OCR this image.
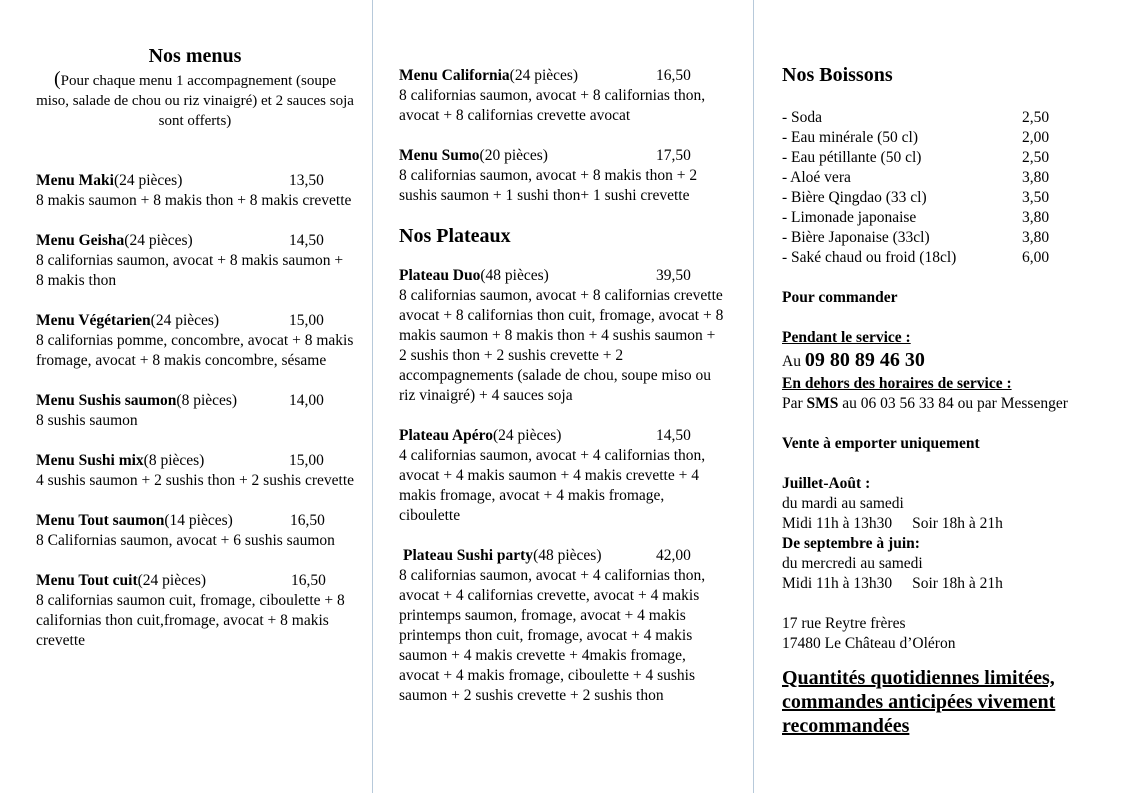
Nos menus
(Pour chaque menu 1 accompagnement (soupe miso, salade de chou ou riz vinaigré) et 2 sauces soja sont offerts)
Menu Maki (24 pièces)	13,50
8 makis saumon + 8 makis thon + 8 makis crevette
Menu Geisha (24 pièces)	14,50
8 californias saumon, avocat + 8 makis saumon + 8 makis thon
Menu Végétarien (24 pièces)	15,00
8 californias pomme, concombre, avocat + 8 makis fromage, avocat + 8 makis concombre, sésame
Menu Sushis saumon (8 pièces)	14,00
8 sushis saumon
Menu Sushi mix (8 pièces)	15,00
4 sushis saumon + 2 sushis thon + 2 sushis crevette
Menu Tout saumon (14 pièces)	16,50
8 Californias saumon, avocat + 6 sushis saumon
Menu Tout cuit (24 pièces)	16,50
8 californias saumon cuit, fromage, ciboulette + 8 californias thon cuit,fromage, avocat + 8 makis crevette
Menu California (24 pièces)	16,50
8 californias saumon, avocat + 8 californias thon, avocat + 8 californias crevette avocat
Menu Sumo (20 pièces)	17,50
8 californias saumon, avocat + 8 makis thon + 2 sushis saumon + 1 sushi thon+ 1 sushi crevette
Nos Plateaux
Plateau Duo (48 pièces)	39,50
8 californias saumon, avocat + 8 californias crevette avocat + 8 californias thon cuit, fromage, avocat + 8 makis saumon + 8 makis thon + 4 sushis saumon + 2 sushis thon + 2 sushis crevette + 2 accompagnements (salade de chou, soupe miso ou riz vinaigré) + 4 sauces soja
Plateau Apéro (24 pièces)	14,50
4 californias saumon, avocat + 4 californias thon, avocat + 4 makis saumon + 4 makis crevette + 4 makis fromage, avocat + 4 makis fromage, ciboulette
Plateau Sushi party (48 pièces)	42,00
8 californias saumon, avocat + 4 californias thon, avocat + 4 californias crevette, avocat + 4 makis printemps saumon, fromage, avocat + 4 makis printemps thon cuit, fromage, avocat + 4 makis saumon + 4 makis crevette + 4makis fromage, avocat + 4 makis fromage, ciboulette + 4 sushis saumon + 2 sushis crevette + 2 sushis thon
Nos Boissons
- Soda	2,50
- Eau minérale (50 cl)	2,00
- Eau pétillante (50 cl)	2,50
- Aloé vera	3,80
- Bière Qingdao (33 cl)	3,50
- Limonade japonaise	3,80
- Bière Japonaise (33cl)	3,80
- Saké chaud ou froid (18cl)	6,00
Pour commander
Pendant le service :
Au 09 80 89 46 30
En dehors des horaires de service :
Par SMS au 06 03 56 33 84 ou par Messenger
Vente à emporter uniquement
Juillet-Août :
du mardi au samedi
Midi 11h à 13h30 Soir 18h à 21h
De septembre à juin:
du mercredi au samedi
Midi 11h à 13h30 Soir 18h à 21h
17 rue Reytre frères
17480 Le Château d’Oléron
Quantités quotidiennes limitées, commandes anticipées vivement recommandées
